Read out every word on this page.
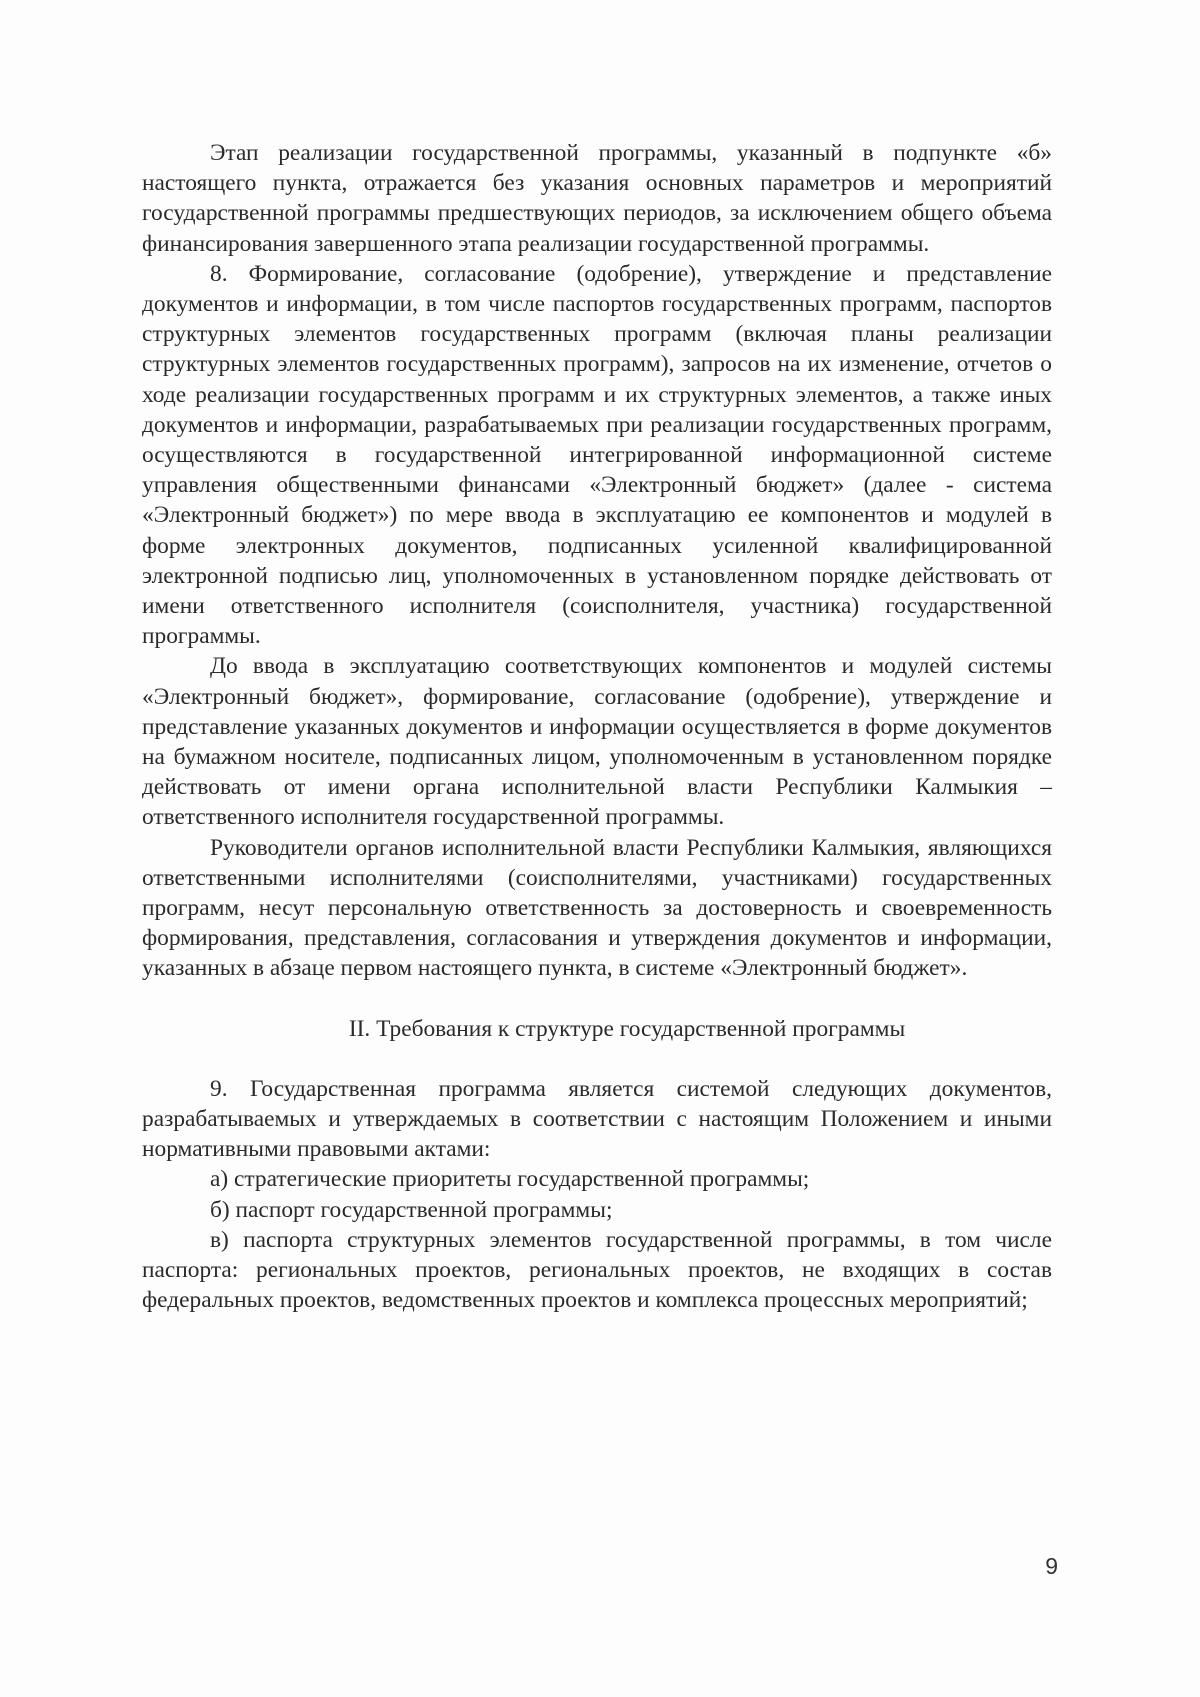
Этап реализации государственной программы, указанный в подпункте «б» настоящего пункта, отражается без указания основных параметров и мероприятий государственной программы предшествующих периодов, за исключением общего объема финансирования завершенного этапа реализации государственной программы.

8. Формирование, согласование (одобрение), утверждение и представление документов и информации, в том числе паспортов государственных программ, паспортов структурных элементов государственных программ (включая планы реализации структурных элементов государственных программ), запросов на их изменение, отчетов о ходе реализации государственных программ и их структурных элементов, а также иных документов и информации, разрабатываемых при реализации государственных программ, осуществляются в государственной интегрированной информационной системе управления общественными финансами «Электронный бюджет» (далее - система «Электронный бюджет») по мере ввода в эксплуатацию ее компонентов и модулей в форме электронных документов, подписанных усиленной квалифицированной электронной подписью лиц, уполномоченных в установленном порядке действовать от имени ответственного исполнителя (соисполнителя, участника) государственной программы.

До ввода в эксплуатацию соответствующих компонентов и модулей системы «Электронный бюджет», формирование, согласование (одобрение), утверждение и представление указанных документов и информации осуществляется в форме документов на бумажном носителе, подписанных лицом, уполномоченным в установленном порядке действовать от имени органа исполнительной власти Республики Калмыкия – ответственного исполнителя государственной программы.

Руководители органов исполнительной власти Республики Калмыкия, являющихся ответственными исполнителями (соисполнителями, участниками) государственных программ, несут персональную ответственность за достоверность и своевременность формирования, представления, согласования и утверждения документов и информации, указанных в абзаце первом настоящего пункта, в системе «Электронный бюджет».

II. Требования к структуре государственной программы

9. Государственная программа является системой следующих документов, разрабатываемых и утверждаемых в соответствии с настоящим Положением и иными нормативными правовыми актами:

а) стратегические приоритеты государственной программы;

б) паспорт государственной программы;

в) паспорта структурных элементов государственной программы, в том числе паспорта: региональных проектов, региональных проектов, не входящих в состав федеральных проектов, ведомственных проектов и комплекса процессных мероприятий;

9
